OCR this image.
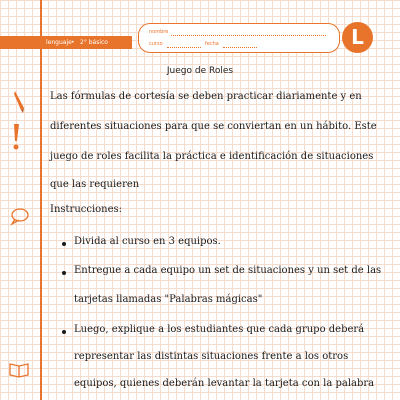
lenguaje • 2° básico
nombre
curso	fecha	L
Juego de Roles
Las fórmulas de cortesía se deben practicar diariamente y en
diferentes situaciones para que se conviertan en un hábito. Este
juego de roles facilita la práctica e identificación de situaciones
que las requieren
Instrucciones:
Divida al curso en 3 equipos.
Entregue a cada equipo un set de situaciones y un set de las
tarjetas llamadas "Palabras mágicas"
Luego, explique a los estudiantes que cada grupo deberá
representar las distintas situaciones frente a los otros
equipos, quienes deberán levantar la tarjeta con la palabra
